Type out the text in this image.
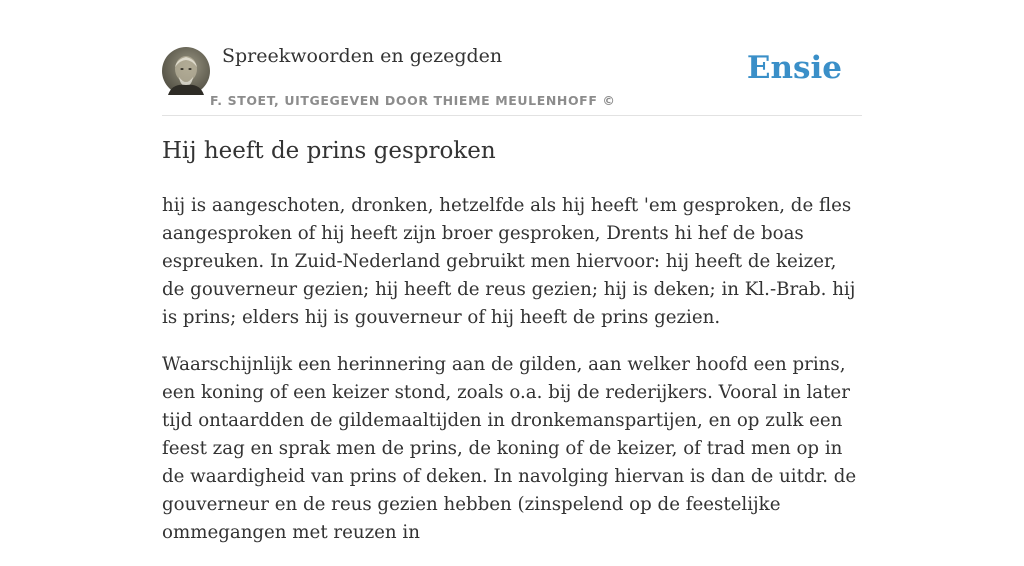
Spreekwoorden en gezegden
F. STOET, UITGEGEVEN DOOR THIEME MEULENHOFF ©
Ensie
Hij heeft de prins gesproken

hij is aangeschoten, dronken, hetzelfde als hij heeft 'em gesproken, de fles aangesproken of hij heeft zijn broer gesproken, Drents hi hef de boas espreuken. In Zuid-Nederland gebruikt men hiervoor: hij heeft de keizer, de gouverneur gezien; hij heeft de reus gezien; hij is deken; in Kl.-Brab. hij is prins; elders hij is gouverneur of hij heeft de prins gezien.

Waarschijnlijk een herinnering aan de gilden, aan welker hoofd een prins, een koning of een keizer stond, zoals o.a. bij de rederijkers. Vooral in later tijd ontaardden de gildemaaltijden in dronkemanspartijen, en op zulk een feest zag en sprak men de prins, de koning of de keizer, of trad men op in de waardigheid van prins of deken. In navolging hiervan is dan de uitdr. de gouverneur en de reus gezien hebben (zinspelend op de feestelijke ommegangen met reuzen in
